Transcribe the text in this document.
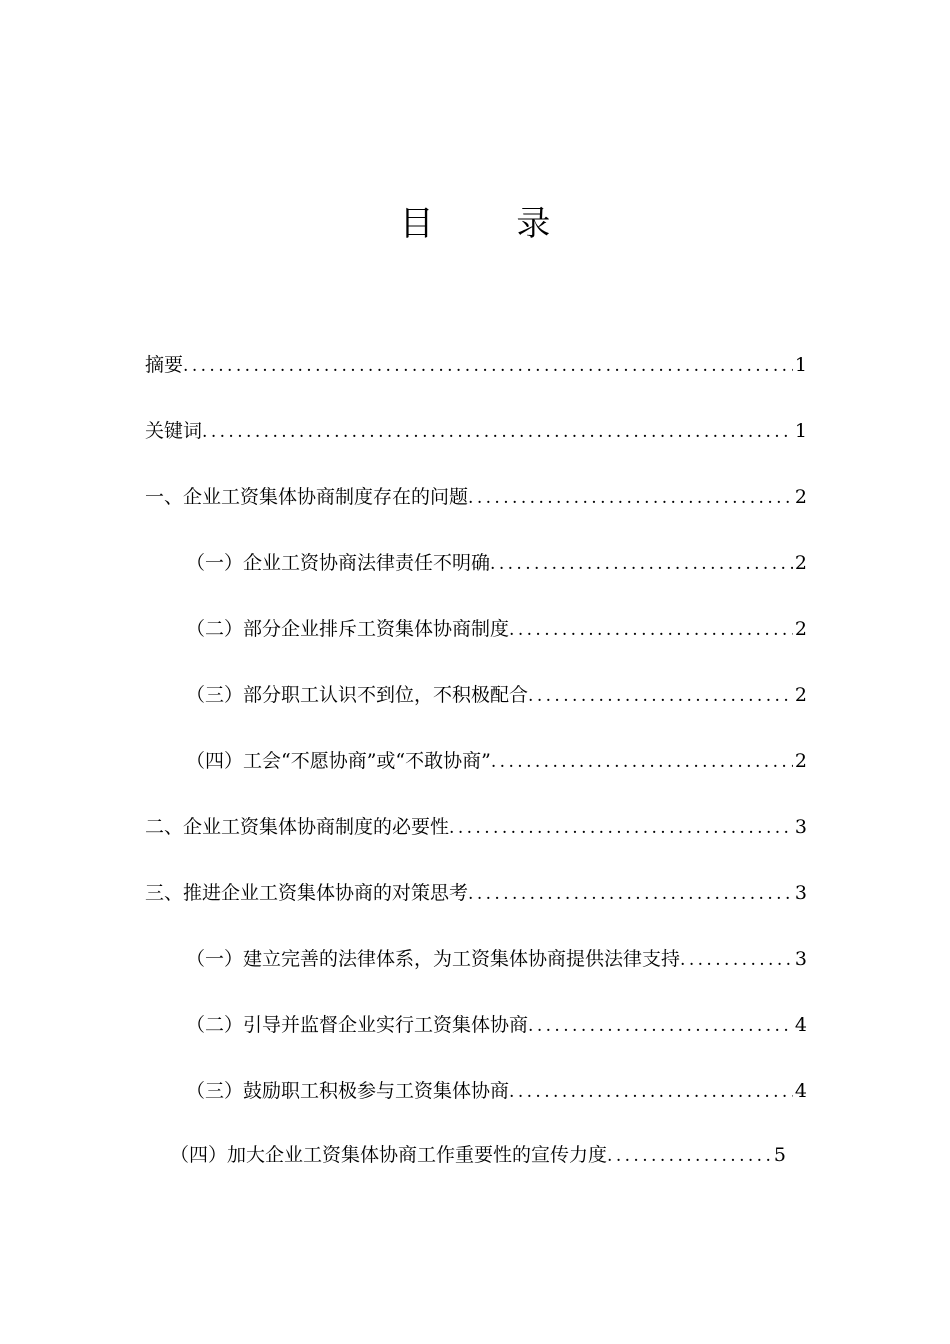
目 录
摘要 .....	1
关键词 .....	1
一、企业工资集体协商制度存在的问题 .....	2
（一）企业工资协商法律责任不明确 .....	2
（二）部分企业排斥工资集体协商制度 .....	2
（三）部分职工认识不到位，不积极配合 .....	2
（四）工会“不愿协商”或“不敢协商” .....	2
二、企业工资集体协商制度的必要性 .....	3
三、推进企业工资集体协商的对策思考 .....	3
（一）建立完善的法律体系，为工资集体协商提供法律支持 .....	3
（二）引导并监督企业实行工资集体协商 .....	4
（三）鼓励职工积极参与工资集体协商 .....	4
（四）加大企业工资集体协商工作重要性的宣传力度 .....	5
